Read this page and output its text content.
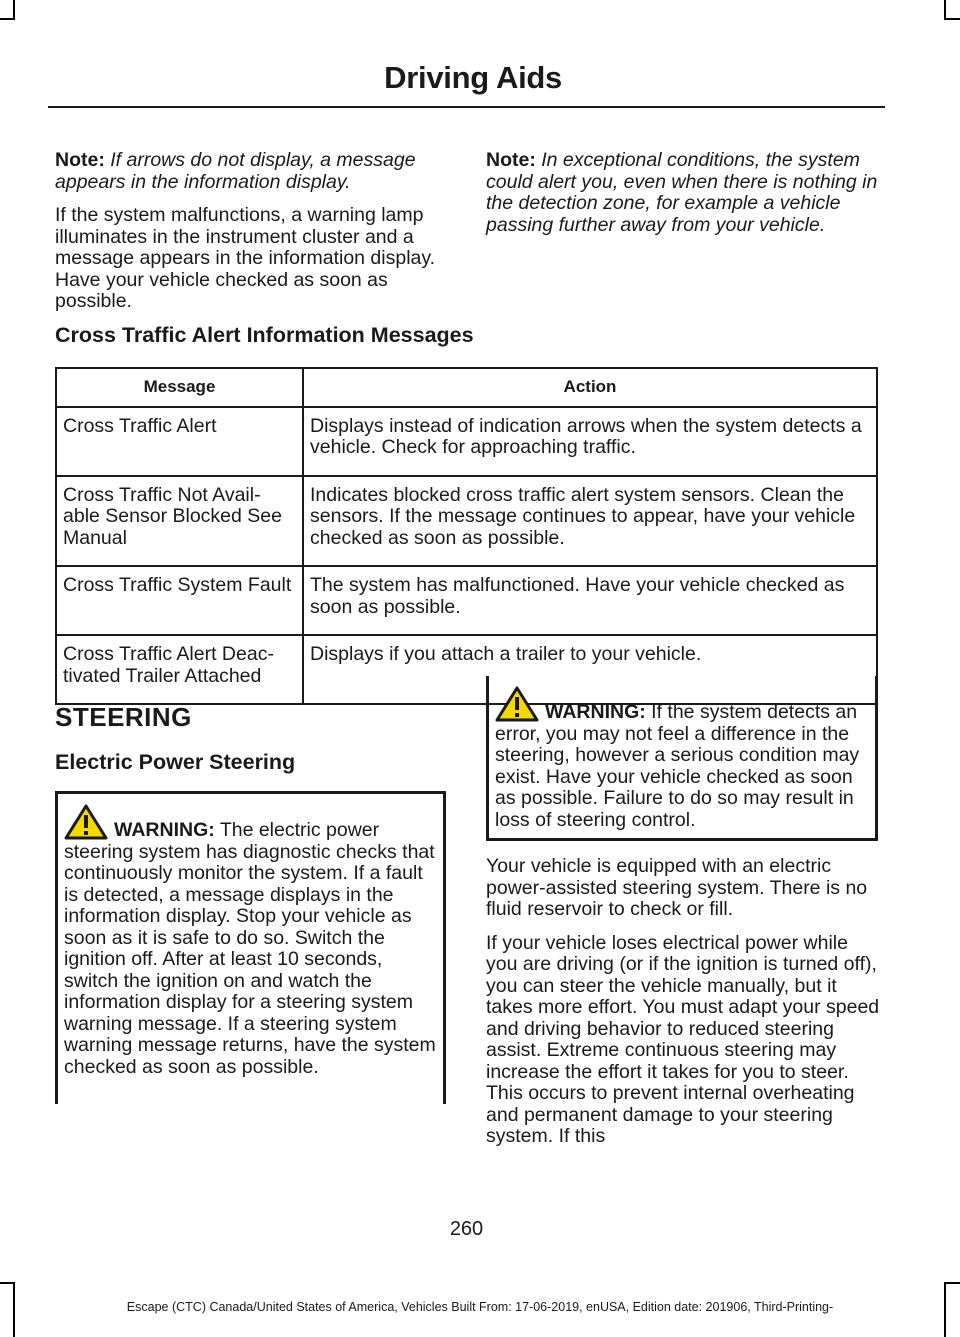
Driving Aids

Note: If arrows do not display, a message appears in the information display.

If the system malfunctions, a warning lamp illuminates in the instrument cluster and a message appears in the information display. Have your vehicle checked as soon as possible.

Note: In exceptional conditions, the system could alert you, even when there is nothing in the detection zone, for example a vehicle passing further away from your vehicle.

Cross Traffic Alert Information Messages
Message	Action
Cross Traffic Alert	Displays instead of indication arrows when the system detects a vehicle. Check for approaching traffic.
Cross Traffic Not Avail-able Sensor Blocked See Manual	Indicates blocked cross traffic alert system sensors. Clean the sensors. If the message continues to appear, have your vehicle checked as soon as possible.
Cross Traffic System Fault	The system has malfunctioned. Have your vehicle checked as soon as possible.
Cross Traffic Alert Deac-tivated Trailer Attached	Displays if you attach a trailer to your vehicle.
STEERING
Electric Power Steering
WARNING: The electric power steering system has diagnostic checks that continuously monitor the system. If a fault is detected, a message displays in the information display. Stop your vehicle as soon as it is safe to do so. Switch the ignition off. After at least 10 seconds, switch the ignition on and watch the information display for a steering system warning message. If a steering system warning message returns, have the system checked as soon as possible.
WARNING: If the system detects an error, you may not feel a difference in the steering, however a serious condition may exist. Have your vehicle checked as soon as possible. Failure to do so may result in loss of steering control.

Your vehicle is equipped with an electric power-assisted steering system. There is no fluid reservoir to check or fill.

If your vehicle loses electrical power while you are driving (or if the ignition is turned off), you can steer the vehicle manually, but it takes more effort. You must adapt your speed and driving behavior to reduced steering assist. Extreme continuous steering may increase the effort it takes for you to steer. This occurs to prevent internal overheating and permanent damage to your steering system. If this

260
Escape (CTC) Canada/United States of America, Vehicles Built From: 17-06-2019, enUSA, Edition date: 201906, Third-Printing-
